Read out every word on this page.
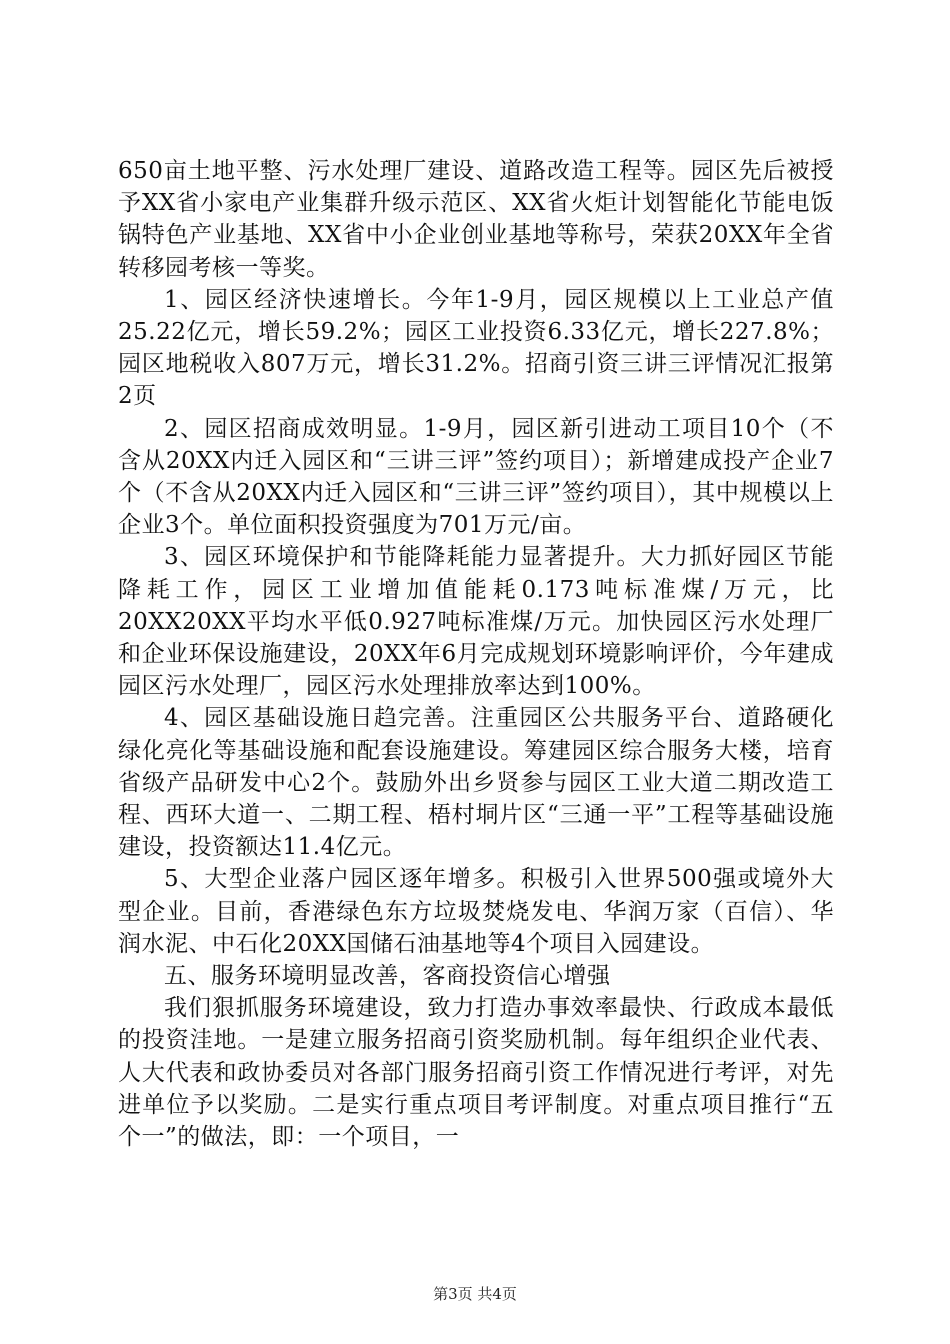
650亩土地平整、污水处理厂建设、道路改造工程等。园区先后被授予XX省小家电产业集群升级示范区、XX省火炬计划智能化节能电饭锅特色产业基地、XX省中小企业创业基地等称号，荣获20XX年全省转移园考核一等奖。

1、园区经济快速增长。今年1-9月，园区规模以上工业总产值25.22亿元，增长59.2%；园区工业投资6.33亿元，增长227.8%；园区地税收入807万元，增长31.2%。招商引资三讲三评情况汇报第2页

2、园区招商成效明显。1-9月，园区新引进动工项目10个（不含从20XX内迁入园区和“三讲三评”签约项目）；新增建成投产企业7个（不含从20XX内迁入园区和“三讲三评”签约项目），其中规模以上企业3个。单位面积投资强度为701万元/亩。

3、园区环境保护和节能降耗能力显著提升。大力抓好园区节能降耗工作，园区工业增加值能耗0.173吨标准煤/万元，比20XX20XX平均水平低0.927吨标准煤/万元。加快园区污水处理厂和企业环保设施建设，20XX年6月完成规划环境影响评价，今年建成园区污水处理厂，园区污水处理排放率达到100%。

4、园区基础设施日趋完善。注重园区公共服务平台、道路硬化绿化亮化等基础设施和配套设施建设。筹建园区综合服务大楼，培育省级产品研发中心2个。鼓励外出乡贤参与园区工业大道二期改造工程、西环大道一、二期工程、梧村垌片区“三通一平”工程等基础设施建设，投资额达11.4亿元。

5、大型企业落户园区逐年增多。积极引入世界500强或境外大型企业。目前，香港绿色东方垃圾焚烧发电、华润万家（百信）、华润水泥、中石化20XX国储石油基地等4个项目入园建设。

五、服务环境明显改善，客商投资信心增强

我们狠抓服务环境建设，致力打造办事效率最快、行政成本最低的投资洼地。一是建立服务招商引资奖励机制。每年组织企业代表、人大代表和政协委员对各部门服务招商引资工作情况进行考评，对先进单位予以奖励。二是实行重点项目考评制度。对重点项目推行“五个一”的做法，即：一个项目，一

第3页 共4页
